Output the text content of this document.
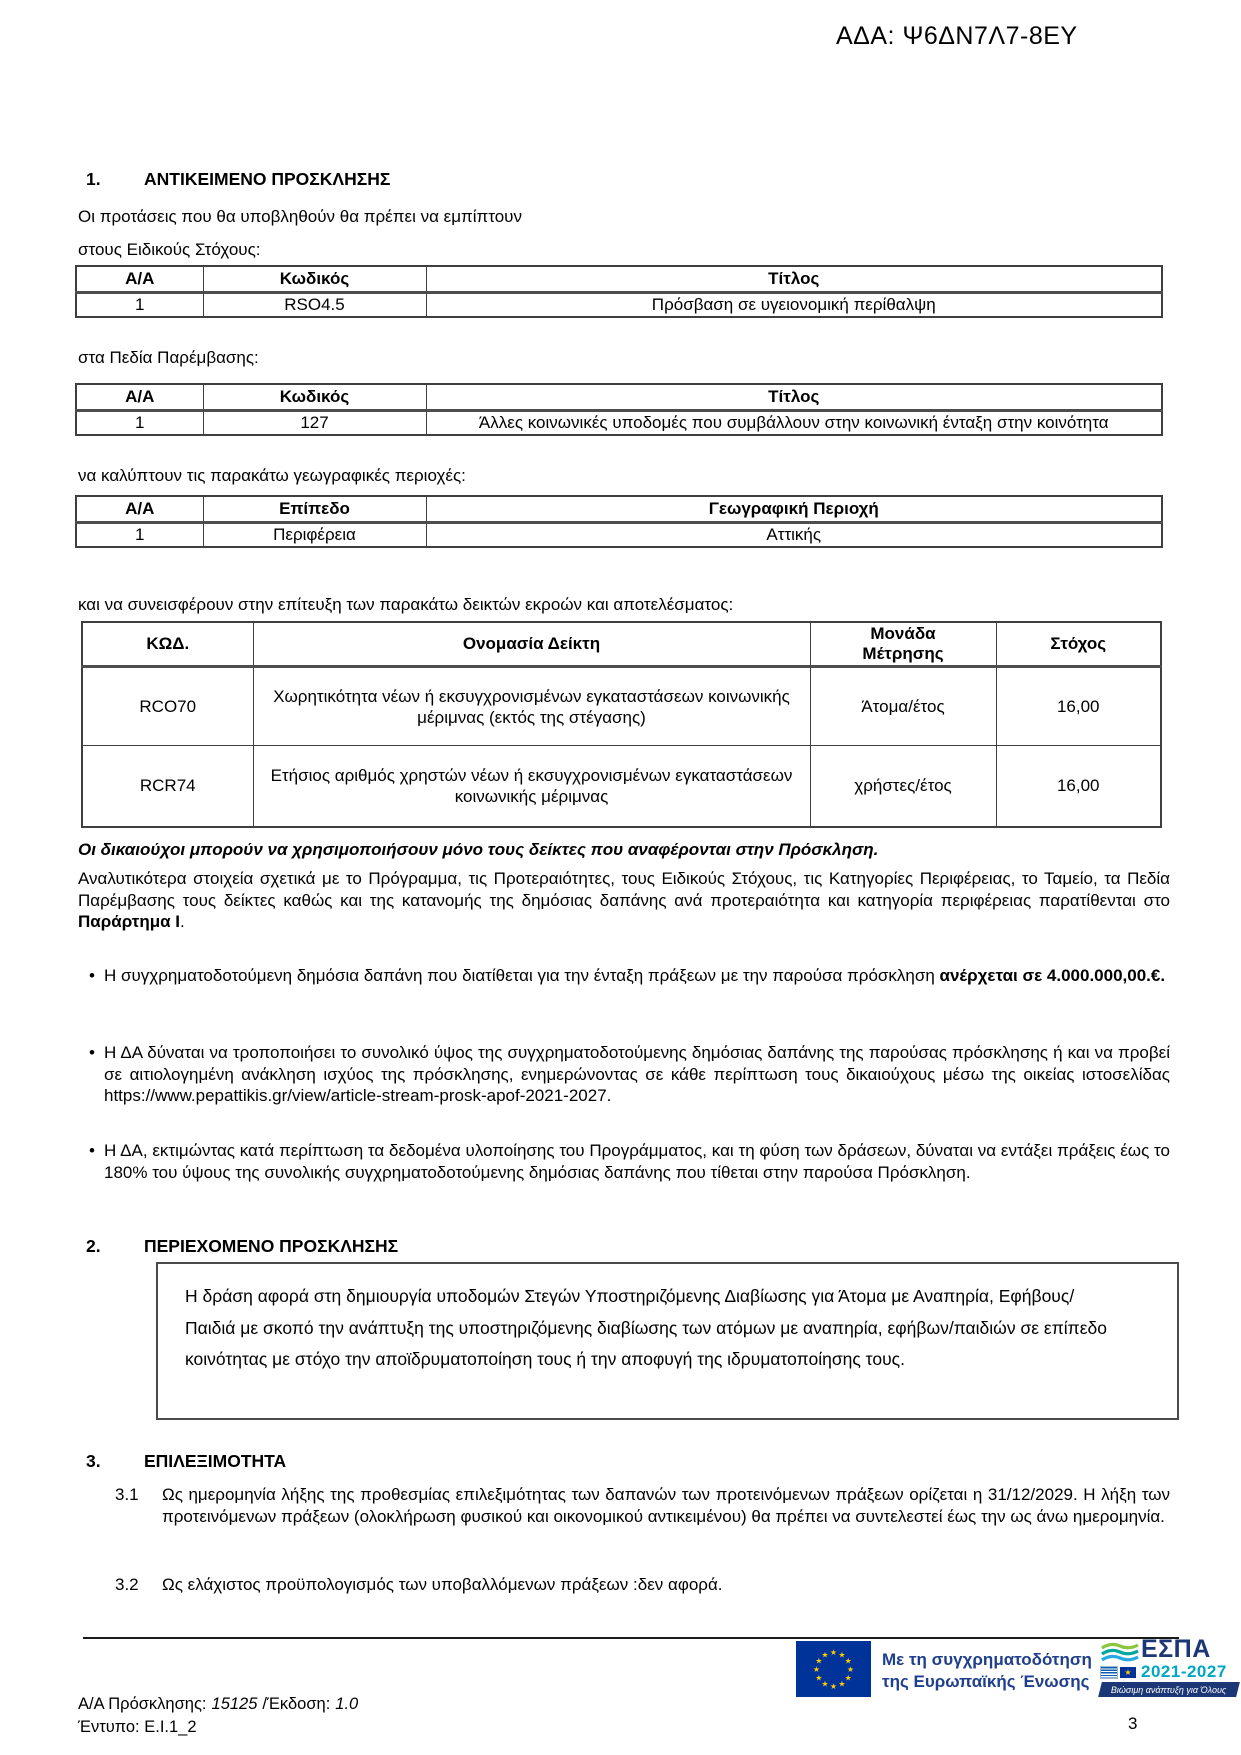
ΑΔΑ: Ψ6ΔΝ7Λ7-8ΕΥ
1.	ΑΝΤΙΚΕΙΜΕΝΟ ΠΡΟΣΚΛΗΣΗΣ
Οι προτάσεις που θα υποβληθούν θα πρέπει να εμπίπτουν
στους Ειδικούς Στόχους:
Α/Α	Κωδικός	Τίτλος
1	RSO4.5	Πρόσβαση σε υγειονομική περίθαλψη
στα Πεδία Παρέμβασης:
Α/Α	Κωδικός	Τίτλος
1	127	Άλλες κοινωνικές υποδομές που συμβάλλουν στην κοινωνική ένταξη στην κοινότητα
να καλύπτουν τις παρακάτω γεωγραφικές περιοχές:
Α/Α	Επίπεδο	Γεωγραφική Περιοχή
1	Περιφέρεια	Αττικής
και να συνεισφέρουν στην επίτευξη των παρακάτω δεικτών εκροών και αποτελέσματος:
ΚΩΔ.	Ονομασία Δείκτη	Μονάδα Μέτρησης	Στόχος
RCO70	Χωρητικότητα νέων ή εκσυγχρονισμένων εγκαταστάσεων κοινωνικής μέριμνας (εκτός της στέγασης)	Άτομα/έτος	16,00
RCR74	Ετήσιος αριθμός χρηστών νέων ή εκσυγχρονισμένων εγκαταστάσεων κοινωνικής μέριμνας	χρήστες/έτος	16,00
Οι δικαιούχοι μπορούν να χρησιμοποιήσουν μόνο τους δείκτες που αναφέρονται στην Πρόσκληση.
Αναλυτικότερα στοιχεία σχετικά με το Πρόγραμμα, τις Προτεραιότητες, τους Ειδικούς Στόχους, τις Κατηγορίες Περιφέρειας, το Ταμείο, τα Πεδία Παρέμβασης τους δείκτες καθώς και της κατανομής της δημόσιας δαπάνης ανά προτεραιότητα και κατηγορία περιφέρειας παρατίθενται στο Παράρτημα Ι.
• Η συγχρηματοδοτούμενη δημόσια δαπάνη που διατίθεται για την ένταξη πράξεων με την παρούσα πρόσκληση ανέρχεται σε 4.000.000,00.€.
• Η ΔΑ δύναται να τροποποιήσει το συνολικό ύψος της συγχρηματοδοτούμενης δημόσιας δαπάνης της παρούσας πρόσκλησης ή και να προβεί σε αιτιολογημένη ανάκληση ισχύος της πρόσκλησης, ενημερώνοντας σε κάθε περίπτωση τους δικαιούχους μέσω της οικείας ιστοσελίδας https://www.pepattikis.gr/view/article-stream-prosk-apof-2021-2027.
• Η ΔΑ, εκτιμώντας κατά περίπτωση τα δεδομένα υλοποίησης του Προγράμματος, και τη φύση των δράσεων, δύναται να εντάξει πράξεις έως το 180% του ύψους της συνολικής συγχρηματοδοτούμενης δημόσιας δαπάνης που τίθεται στην παρούσα Πρόσκληση.
2.	ΠΕΡΙΕΧΟΜΕΝΟ ΠΡΟΣΚΛΗΣΗΣ
Η δράση αφορά στη δημιουργία υποδομών Στεγών Υποστηριζόμενης Διαβίωσης για Άτομα με Αναπηρία, Εφήβους/Παιδιά με σκοπό την ανάπτυξη της υποστηριζόμενης διαβίωσης των ατόμων με αναπηρία, εφήβων/παιδιών σε επίπεδο κοινότητας με στόχο την αποϊδρυματοποίηση τους ή την αποφυγή της ιδρυματοποίησης τους.
3.	ΕΠΙΛΕΞΙΜΟΤΗΤΑ
3.1	Ως ημερομηνία λήξης της προθεσμίας επιλεξιμότητας των δαπανών των προτεινόμενων πράξεων ορίζεται η 31/12/2029. Η λήξη των προτεινόμενων πράξεων (ολοκλήρωση φυσικού και οικονομικού αντικειμένου) θα πρέπει να συντελεστεί έως την ως άνω ημερομηνία.
3.2	Ως ελάχιστος προϋπολογισμός των υποβαλλόμενων πράξεων :δεν αφορά.
★ ★
★
★
★
★
★
★
★
★
★
★	Με τη συγχρηματοδότηση
της Ευρωπαϊκής Ένωσης
ΕΣΠΑ
★ 2021-2027
Βιώσιμη ανάπτυξη για Όλους
Α/Α Πρόσκλησης: 15125 /Έκδοση: 1.0
Έντυπο: Ε.Ι.1_2	3
